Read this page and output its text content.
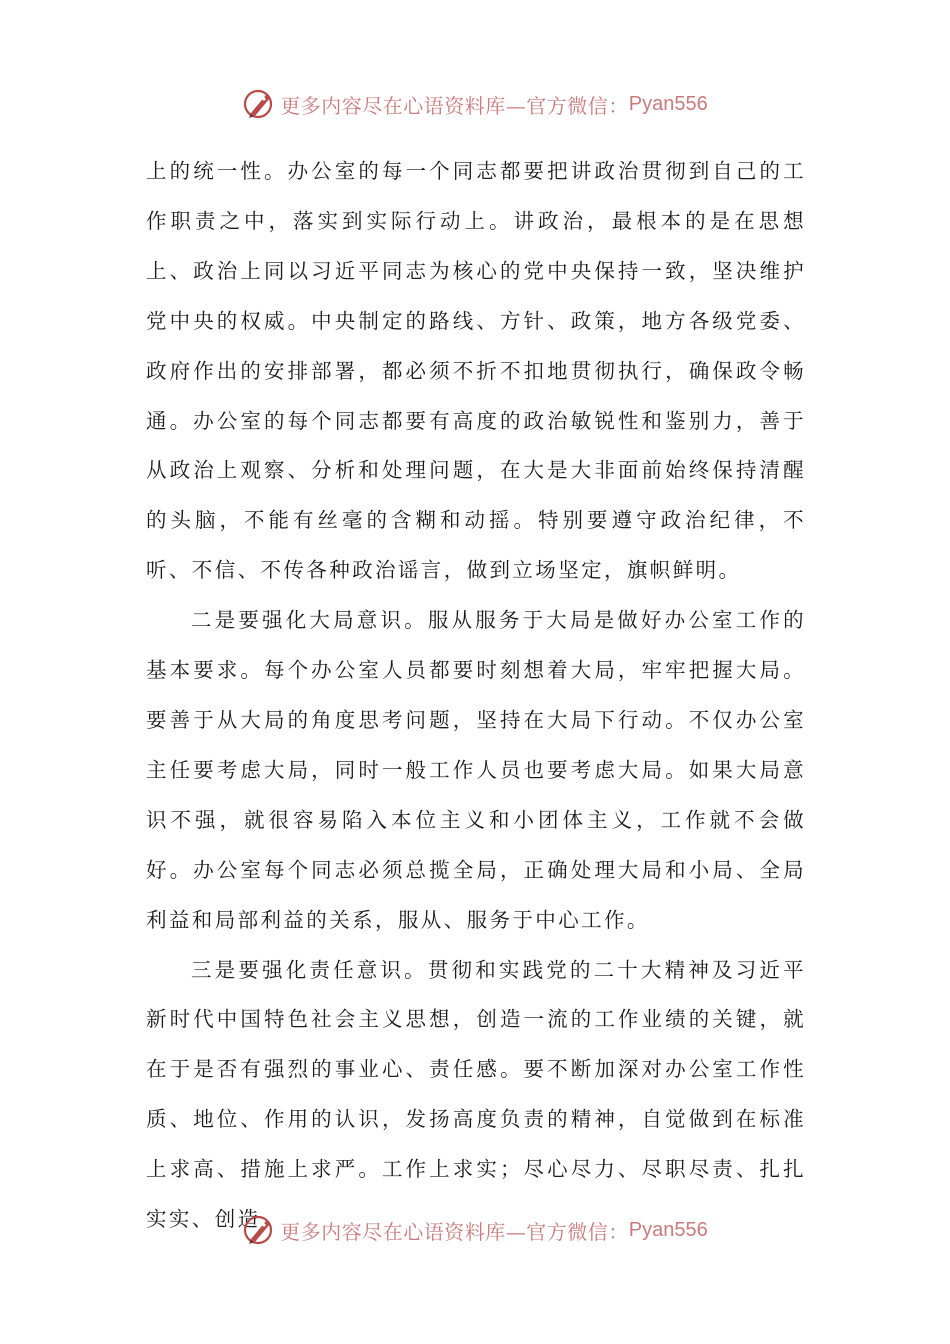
更多内容尽在心语资料库—官方微信： Pyan556

上的统一性。办公室的每一个同志都要把讲政治贯彻到自己的工作职责之中，落实到实际行动上。讲政治，最根本的是在思想上、政治上同以习近平同志为核心的党中央保持一致，坚决维护党中央的权威。中央制定的路线、方针、政策，地方各级党委、政府作出的安排部署，都必须不折不扣地贯彻执行，确保政令畅通。办公室的每个同志都要有高度的政治敏锐性和鉴别力，善于从政治上观察、分析和处理问题，在大是大非面前始终保持清醒的头脑，不能有丝毫的含糊和动摇。特别要遵守政治纪律，不听、不信、不传各种政治谣言，做到立场坚定，旗帜鲜明。

二是要强化大局意识。服从服务于大局是做好办公室工作的基本要求。每个办公室人员都要时刻想着大局，牢牢把握大局。要善于从大局的角度思考问题，坚持在大局下行动。不仅办公室主任要考虑大局，同时一般工作人员也要考虑大局。如果大局意识不强，就很容易陷入本位主义和小团体主义，工作就不会做好。办公室每个同志必须总揽全局，正确处理大局和小局、全局利益和局部利益的关系，服从、服务于中心工作。

三是要强化责任意识。贯彻和实践党的二十大精神及习近平新时代中国特色社会主义思想，创造一流的工作业绩的关键，就在于是否有强烈的事业心、责任感。要不断加深对办公室工作性质、地位、作用的认识，发扬高度负责的精神，自觉做到在标准上求高、措施上求严。工作上求实；尽心尽力、尽职尽责、扎扎实实、创造

更多内容尽在心语资料库—官方微信： Pyan556
